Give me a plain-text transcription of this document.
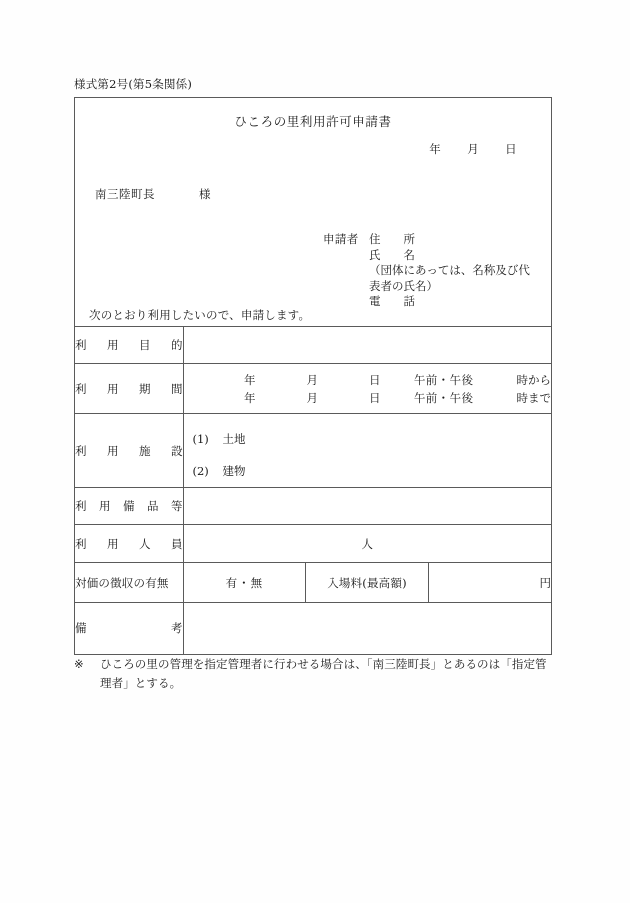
様式第2号(第5条関係)
ひころの里利用許可申請書
年 月 日
南三陸町長	様
申請者 住 所
氏 名
（団体にあっては、名称及び代
表者の氏名）
電 話
次のとおり利用したいので、申請します。
利 用 目 的			

利 用 期 間

年	月	日	午前・午後	時から
年	月	日	午前・午後	時まで

利 用 施 設

(1) 土地
(2) 建物

利 用 備 品 等			

利 用 人 員	人		

対価の徴収の有無	有・無	入場料(最高額)	円

備 考			

※ ひころの里の管理を指定管理者に行わせる場合は、「南三陸町長」とあるのは「指定管
理者」とする。
